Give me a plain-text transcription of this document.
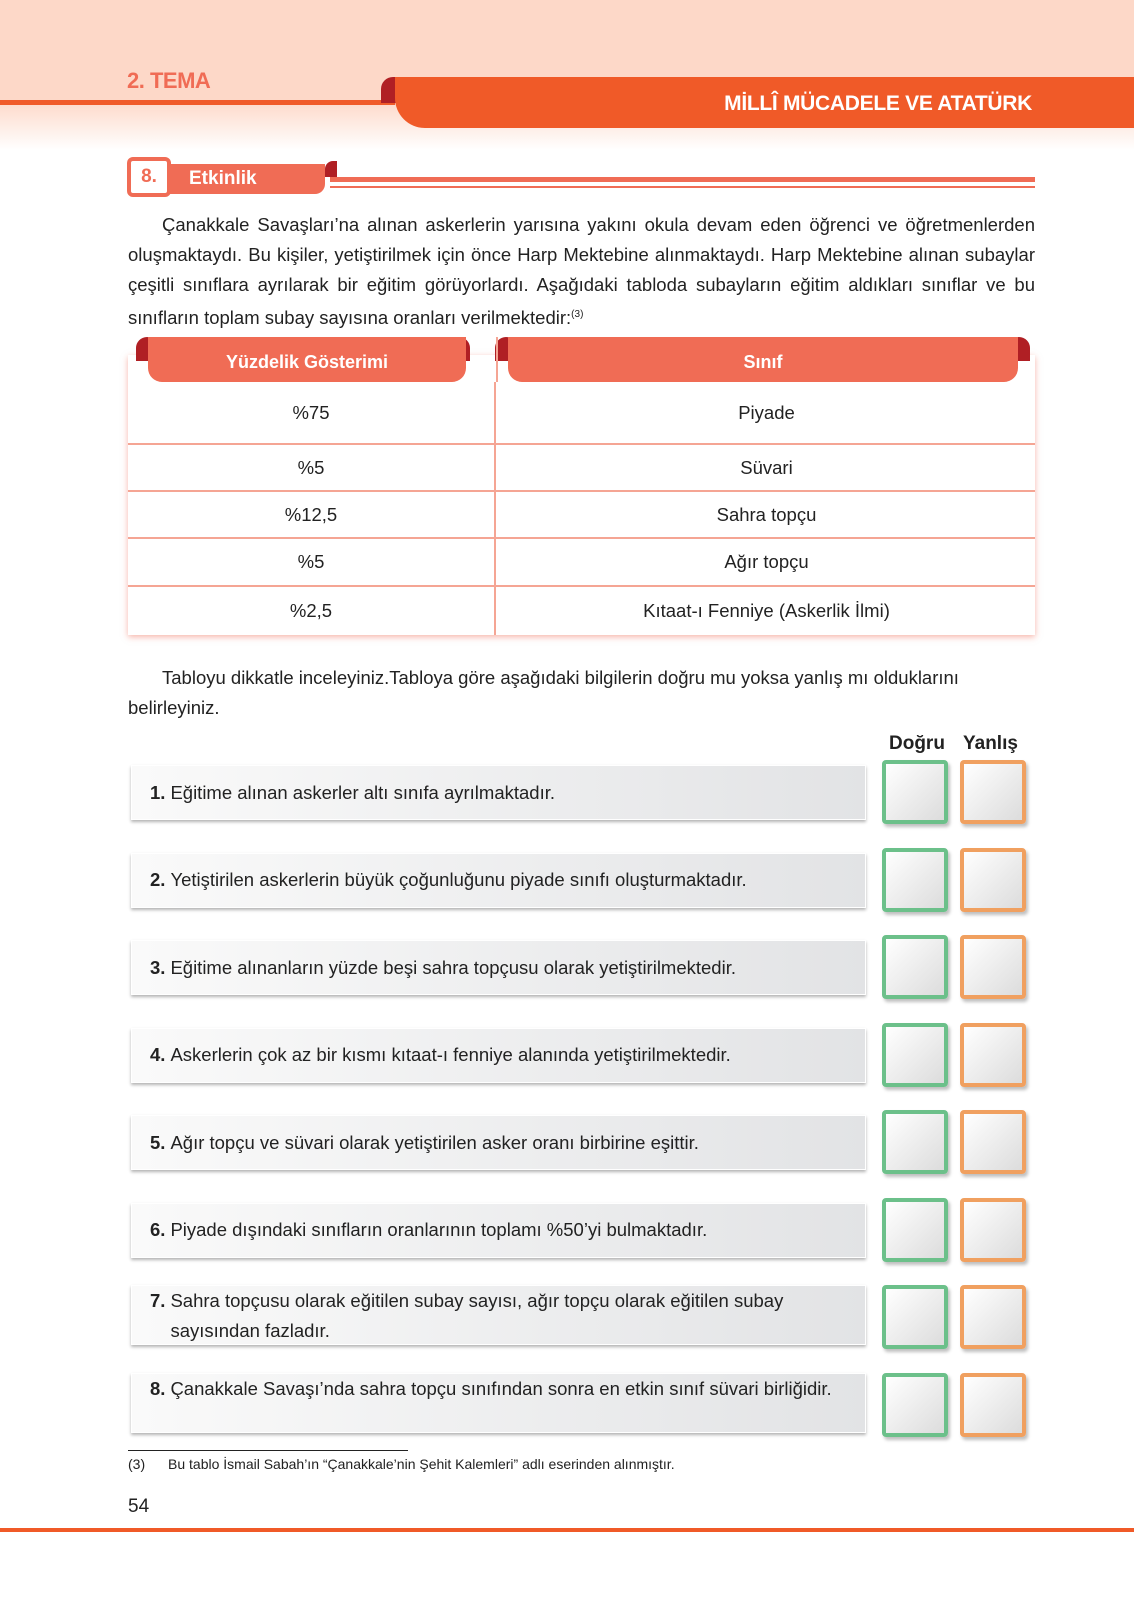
2. TEMA
MİLLÎ MÜCADELE VE ATATÜRK
8.	Etkinlik

Çanakkale Savaşları’na alınan askerlerin yarısına yakını okula devam eden öğrenci ve öğretmenlerden oluşmaktaydı. Bu kişiler, yetiştirilmek için önce Harp Mektebine alınmaktaydı. Harp Mektebine alınan subaylar çeşitli sınıflara ayrılarak bir eğitim görüyorlardı. Aşağıdaki tabloda subayların eğitim aldıkları sınıflar ve bu sınıfların toplam subay sayısına oranları verilmektedir:$^{(3)}$

Yüzdelik Gösterimi	Sınıf
%75	Piyade
%5	Süvari
%12,5	Sahra topçu
%5	Ağır topçu
%2,5	Kıtaat-ı Fenniye (Askerlik İlmi)

Tabloyu dikkatle inceleyiniz.Tabloya göre aşağıdaki bilgilerin doğru mu yoksa yanlış mı olduklarını belirleyiniz.

Doğru Yanlış
1. Eğitime alınan askerler altı sınıfa ayrılmaktadır.
2. Yetiştirilen askerlerin büyük çoğunluğunu piyade sınıfı oluşturmaktadır.
3. Eğitime alınanların yüzde beşi sahra topçusu olarak yetiştirilmektedir.
4. Askerlerin çok az bir kısmı kıtaat-ı fenniye alanında yetiştirilmektedir.
5. Ağır topçu ve süvari olarak yetiştirilen asker oranı birbirine eşittir.
6. Piyade dışındaki sınıfların oranlarının toplamı %50’yi bulmaktadır.
7. Sahra topçusu olarak eğitilen subay sayısı, ağır topçu olarak eğitilen subay sayısından fazladır.
8. Çanakkale Savaşı’nda sahra topçu sınıfından sonra en etkin sınıf süvari birliğidir.
(3) Bu tablo İsmail Sabah’ın “Çanakkale’nin Şehit Kalemleri” adlı eserinden alınmıştır.
54
